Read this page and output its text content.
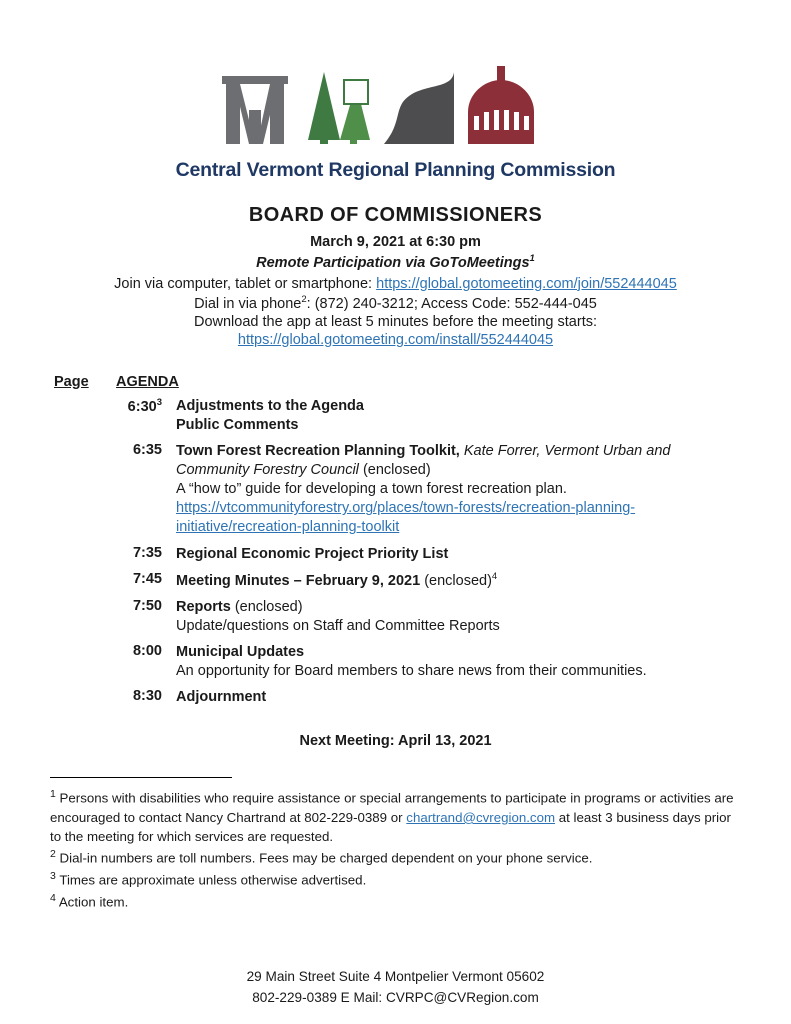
Central Vermont Regional Planning Commission
BOARD OF COMMISSIONERS
March 9, 2021 at 6:30 pm
Remote Participation via GoToMeetings$^1$
Join via computer, tablet or smartphone: https://global.gotomeeting.com/join/552444045
Dial in via phone$^2$: (872) 240-3212; Access Code: 552-444-045
Download the app at least 5 minutes before the meeting starts:
https://global.gotomeeting.com/install/552444045
Page	AGENDA
$6:30^3$ Adjustments to the Agenda
Public Comments
6:35 Town Forest Recreation Planning Toolkit, Kate Forrer, Vermont Urban and Community Forestry Council (enclosed)
A “how to” guide for developing a town forest recreation plan.
https://vtcommunityforestry.org/places/town-forests/recreation-planning-initiative/recreation-planning-toolkit
7:35 Regional Economic Project Priority List
7:45 Meeting Minutes – February 9, 2021 (enclosed)$^4$
7:50 Reports (enclosed)
Update/questions on Staff and Committee Reports
8:00 Municipal Updates
An opportunity for Board members to share news from their communities.
8:30 Adjournment
Next Meeting: April 13, 2021
$^1$ Persons with disabilities who require assistance or special arrangements to participate in programs or activities are encouraged to contact Nancy Chartrand at 802-229-0389 or chartrand@cvregion.com at least 3 business days prior to the meeting for which services are requested.
$^2$ Dial-in numbers are toll numbers. Fees may be charged dependent on your phone service.
$^3$ Times are approximate unless otherwise advertised.
$^4$ Action item.
29 Main Street Suite 4 Montpelier Vermont 05602
802-229-0389 E Mail: CVRPC@CVRegion.com
